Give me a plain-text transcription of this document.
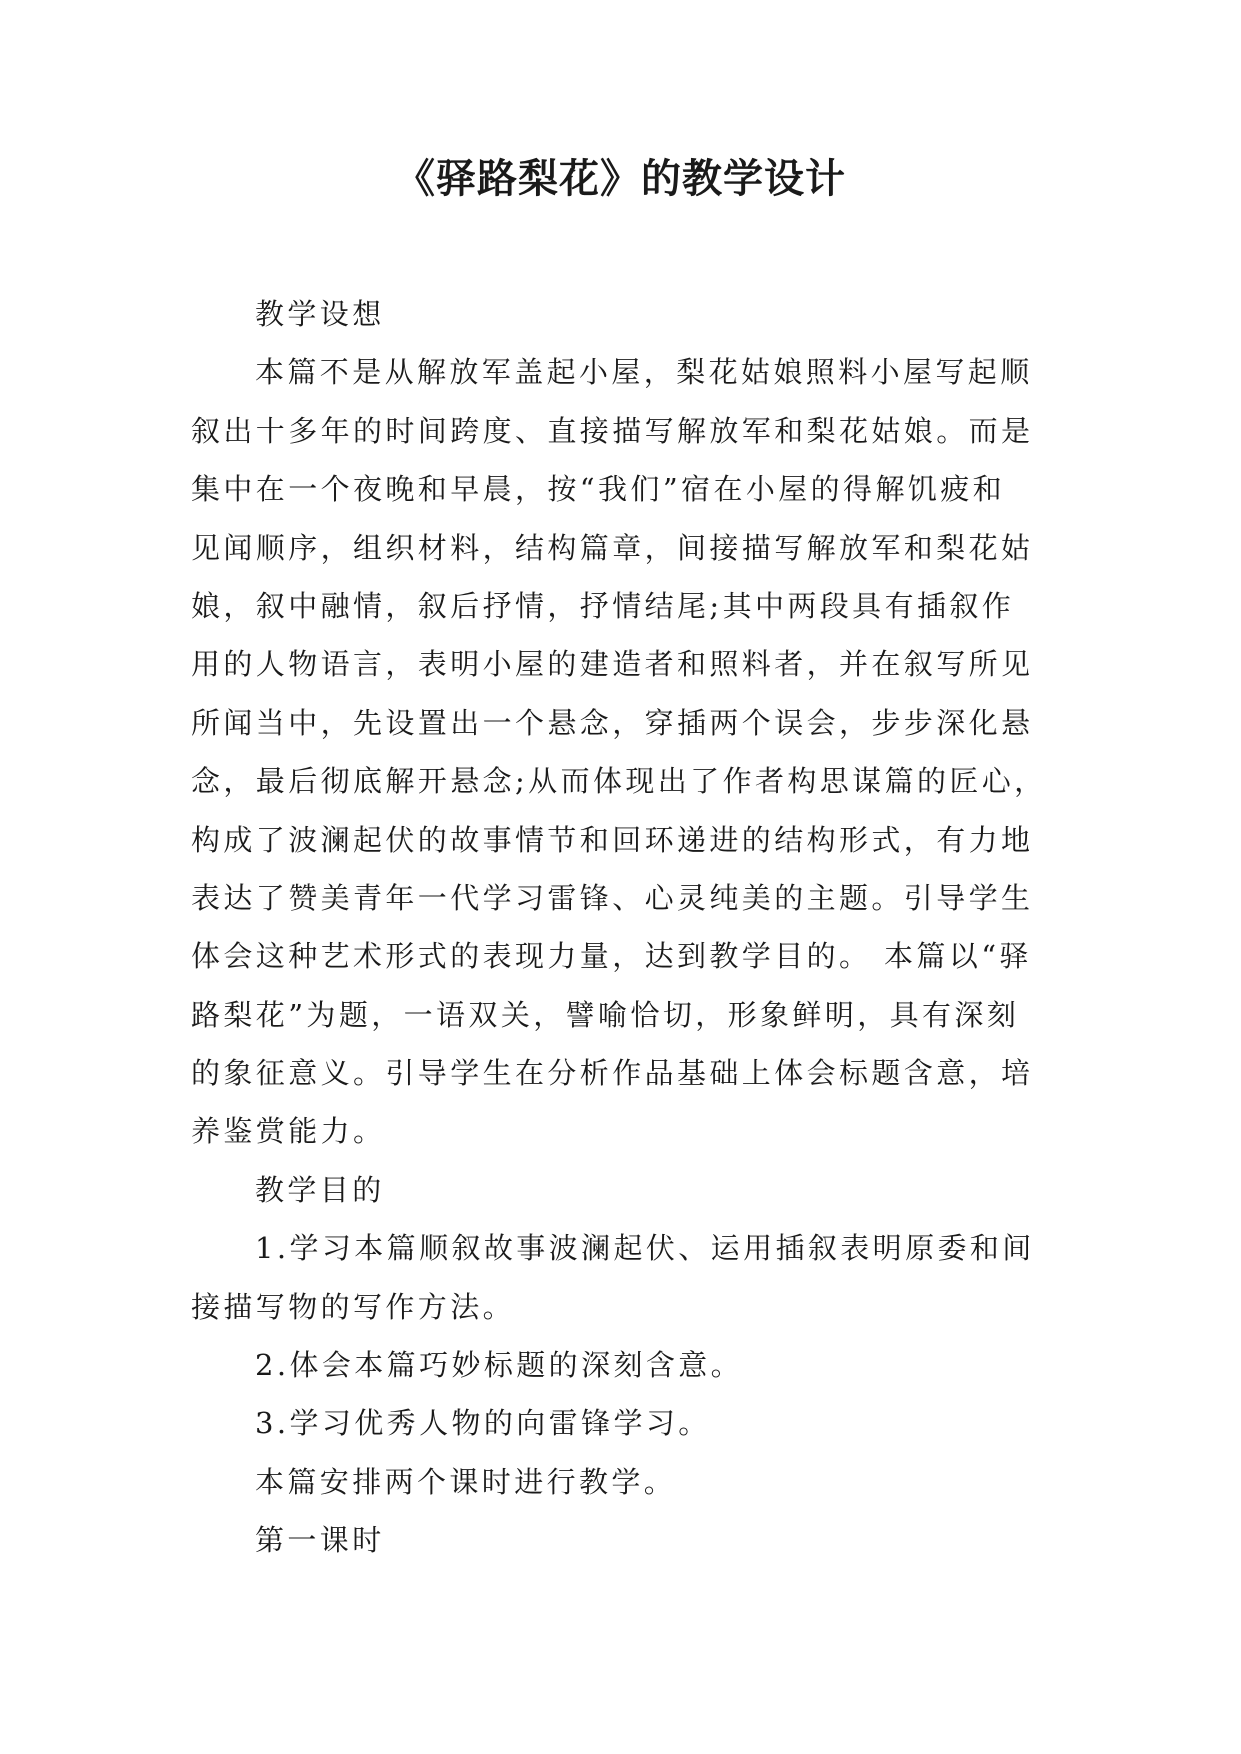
《驿路梨花》的教学设计
教学设想
本篇不是从解放军盖起小屋，梨花姑娘照料小屋写起顺
叙出十多年的时间跨度、直接描写解放军和梨花姑娘。而是
集中在一个夜晚和早晨，按“我们”宿在小屋的得解饥疲和
见闻顺序，组织材料，结构篇章，间接描写解放军和梨花姑
娘，叙中融情，叙后抒情，抒情结尾;其中两段具有插叙作
用的人物语言，表明小屋的建造者和照料者，并在叙写所见
所闻当中，先设置出一个悬念，穿插两个误会，步步深化悬
念，最后彻底解开悬念;从而体现出了作者构思谋篇的匠心，
构成了波澜起伏的故事情节和回环递进的结构形式，有力地
表达了赞美青年一代学习雷锋、心灵纯美的主题。引导学生
体会这种艺术形式的表现力量，达到教学目的。 本篇以“驿
路梨花”为题，一语双关，譬喻恰切，形象鲜明，具有深刻
的象征意义。引导学生在分析作品基础上体会标题含意，培
养鉴赏能力。
教学目的
1.学习本篇顺叙故事波澜起伏、运用插叙表明原委和间
接描写物的写作方法。
2.体会本篇巧妙标题的深刻含意。
3.学习优秀人物的向雷锋学习。
本篇安排两个课时进行教学。
第一课时
